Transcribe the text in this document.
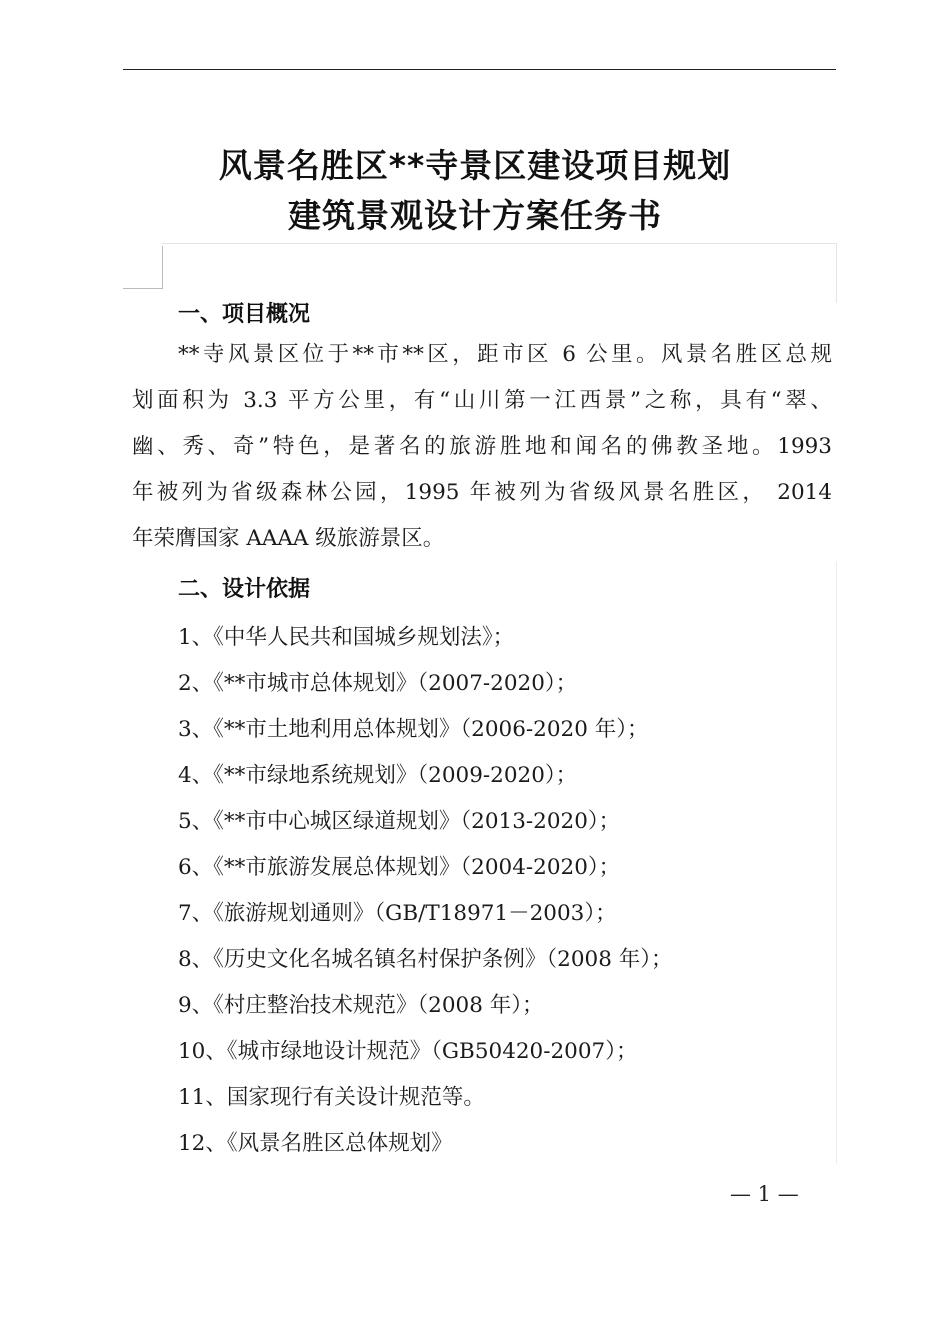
风景名胜区**寺景区建设项目规划
建筑景观设计方案任务书
一、项目概况
**寺风景区位于**市**区，距市区 6 公里。风景名胜区总规
划面积为 3.3 平方公里，有“山川第一江西景”之称，具有“翠、
幽、秀、奇”特色，是著名的旅游胜地和闻名的佛教圣地。1993
年被列为省级森林公园，1995 年被列为省级风景名胜区， 2014
年荣膺国家 AAAA 级旅游景区。
二、设计依据
1、《中华人民共和国城乡规划法》；
2、《**市城市总体规划》（2007-2020）；
3、《**市土地利用总体规划》（2006-2020 年）；
4、《**市绿地系统规划》（2009-2020）；
5、《**市中心城区绿道规划》（2013-2020）；
6、《**市旅游发展总体规划》（2004-2020）；
7、《旅游规划通则》（GB/T18971－2003）；
8、《历史文化名城名镇名村保护条例》（2008 年）；
9、《村庄整治技术规范》（2008 年）；
10、《城市绿地设计规范》（GB50420-2007）；
11、国家现行有关设计规范等。
12、《风景名胜区总体规划》
— 1 —
